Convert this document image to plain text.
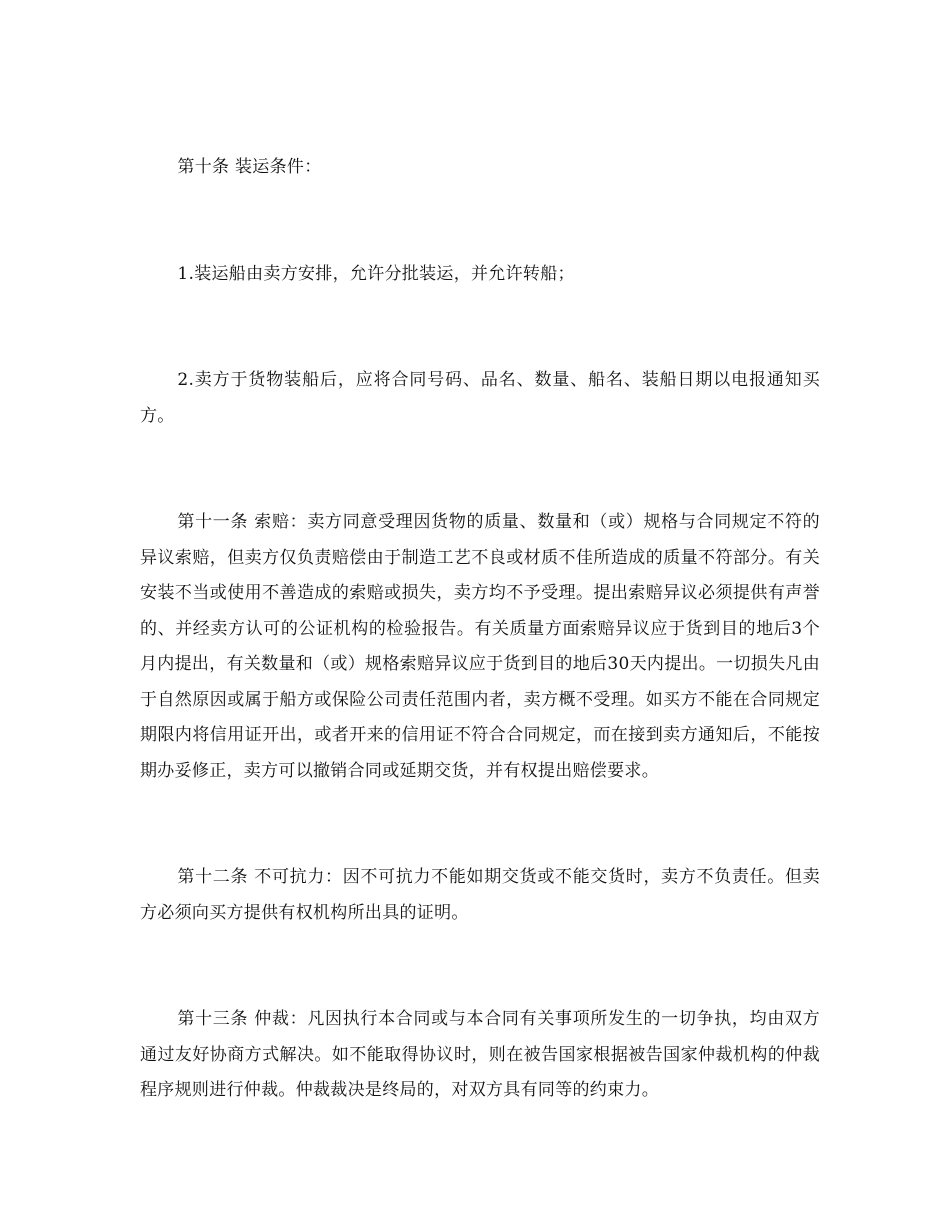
第十条 装运条件：

1.装运船由卖方安排，允许分批装运，并允许转船；

2.卖方于货物装船后，应将合同号码、品名、数量、船名、装船日期以电报通知买方。

第十一条 索赔：卖方同意受理因货物的质量、数量和（或）规格与合同规定不符的异议索赔，但卖方仅负责赔偿由于制造工艺不良或材质不佳所造成的质量不符部分。有关安装不当或使用不善造成的索赔或损失，卖方均不予受理。提出索赔异议必须提供有声誉的、并经卖方认可的公证机构的检验报告。有关质量方面索赔异议应于货到目的地后3个月内提出，有关数量和（或）规格索赔异议应于货到目的地后30天内提出。一切损失凡由于自然原因或属于船方或保险公司责任范围内者，卖方概不受理。如买方不能在合同规定期限内将信用证开出，或者开来的信用证不符合合同规定，而在接到卖方通知后，不能按期办妥修正，卖方可以撤销合同或延期交货，并有权提出赔偿要求。

第十二条 不可抗力：因不可抗力不能如期交货或不能交货时，卖方不负责任。但卖方必须向买方提供有权机构所出具的证明。

第十三条 仲裁：凡因执行本合同或与本合同有关事项所发生的一切争执，均由双方通过友好协商方式解决。如不能取得协议时，则在被告国家根据被告国家仲裁机构的仲裁程序规则进行仲裁。仲裁裁决是终局的，对双方具有同等的约束力。
